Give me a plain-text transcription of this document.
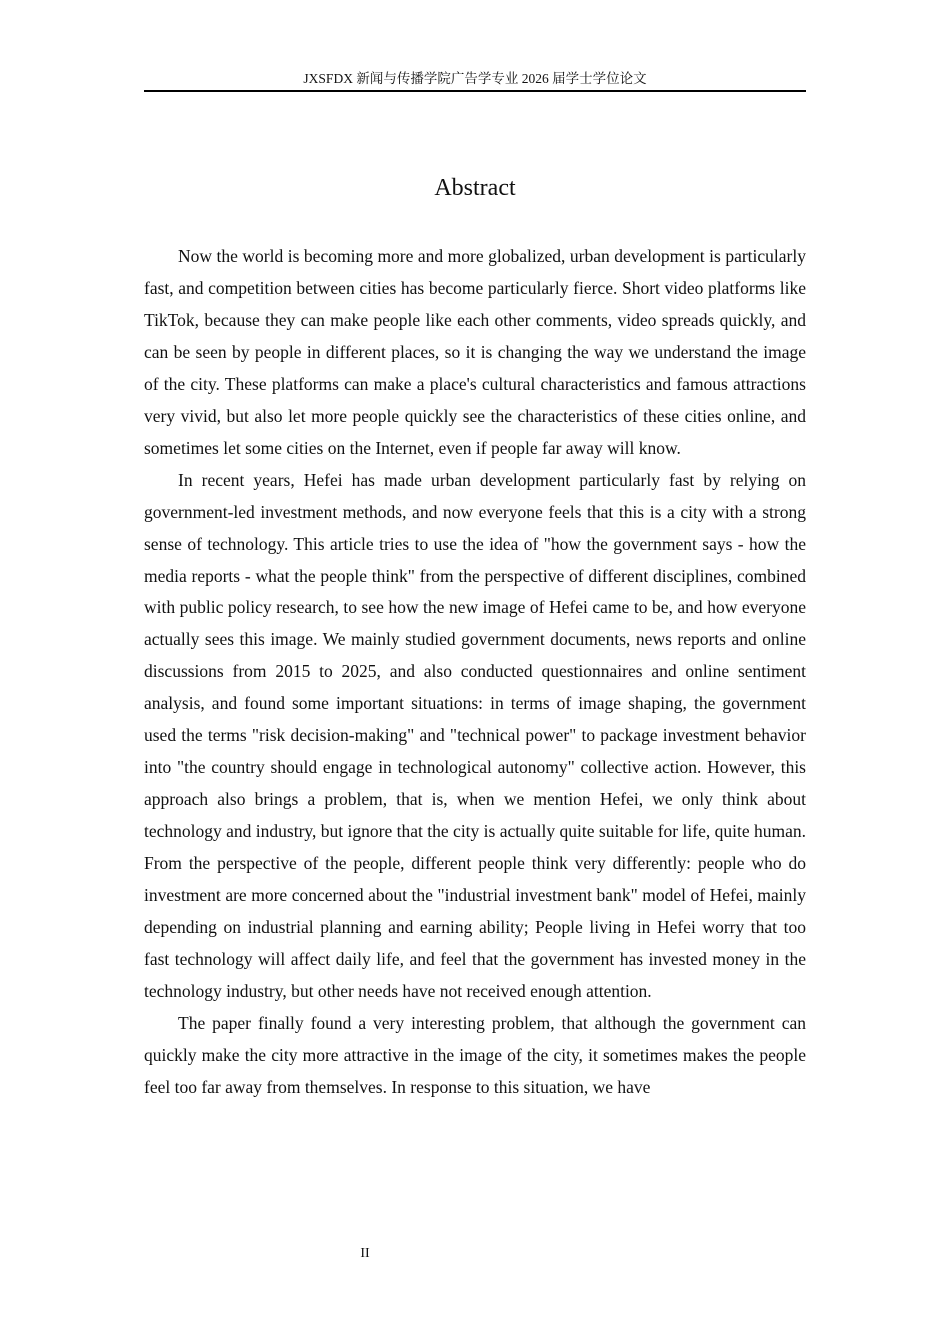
JXSFDX 新闻与传播学院广告学专业 2026 届学士学位论文
Abstract

Now the world is becoming more and more globalized, urban development is particularly fast, and competition between cities has become particularly fierce. Short video platforms like TikTok, because they can make people like each other comments, video spreads quickly, and can be seen by people in different places, so it is changing the way we understand the image of the city. These platforms can make a place's cultural characteristics and famous attractions very vivid, but also let more people quickly see the characteristics of these cities online, and sometimes let some cities on the Internet, even if people far away will know.

In recent years, Hefei has made urban development particularly fast by relying on government-led investment methods, and now everyone feels that this is a city with a strong sense of technology. This article tries to use the idea of "how the government says - how the media reports - what the people think" from the perspective of different disciplines, combined with public policy research, to see how the new image of Hefei came to be, and how everyone actually sees this image. We mainly studied government documents, news reports and online discussions from 2015 to 2025, and also conducted questionnaires and online sentiment analysis, and found some important situations: in terms of image shaping, the government used the terms "risk decision-making" and "technical power" to package investment behavior into "the country should engage in technological autonomy" collective action. However, this approach also brings a problem, that is, when we mention Hefei, we only think about technology and industry, but ignore that the city is actually quite suitable for life, quite human. From the perspective of the people, different people think very differently: people who do investment are more concerned about the "industrial investment bank" model of Hefei, mainly depending on industrial planning and earning ability; People living in Hefei worry that too fast technology will affect daily life, and feel that the government has invested money in the technology industry, but other needs have not received enough attention.

The paper finally found a very interesting problem, that although the government can quickly make the city more attractive in the image of the city, it sometimes makes the people feel too far away from themselves. In response to this situation, we have

II
